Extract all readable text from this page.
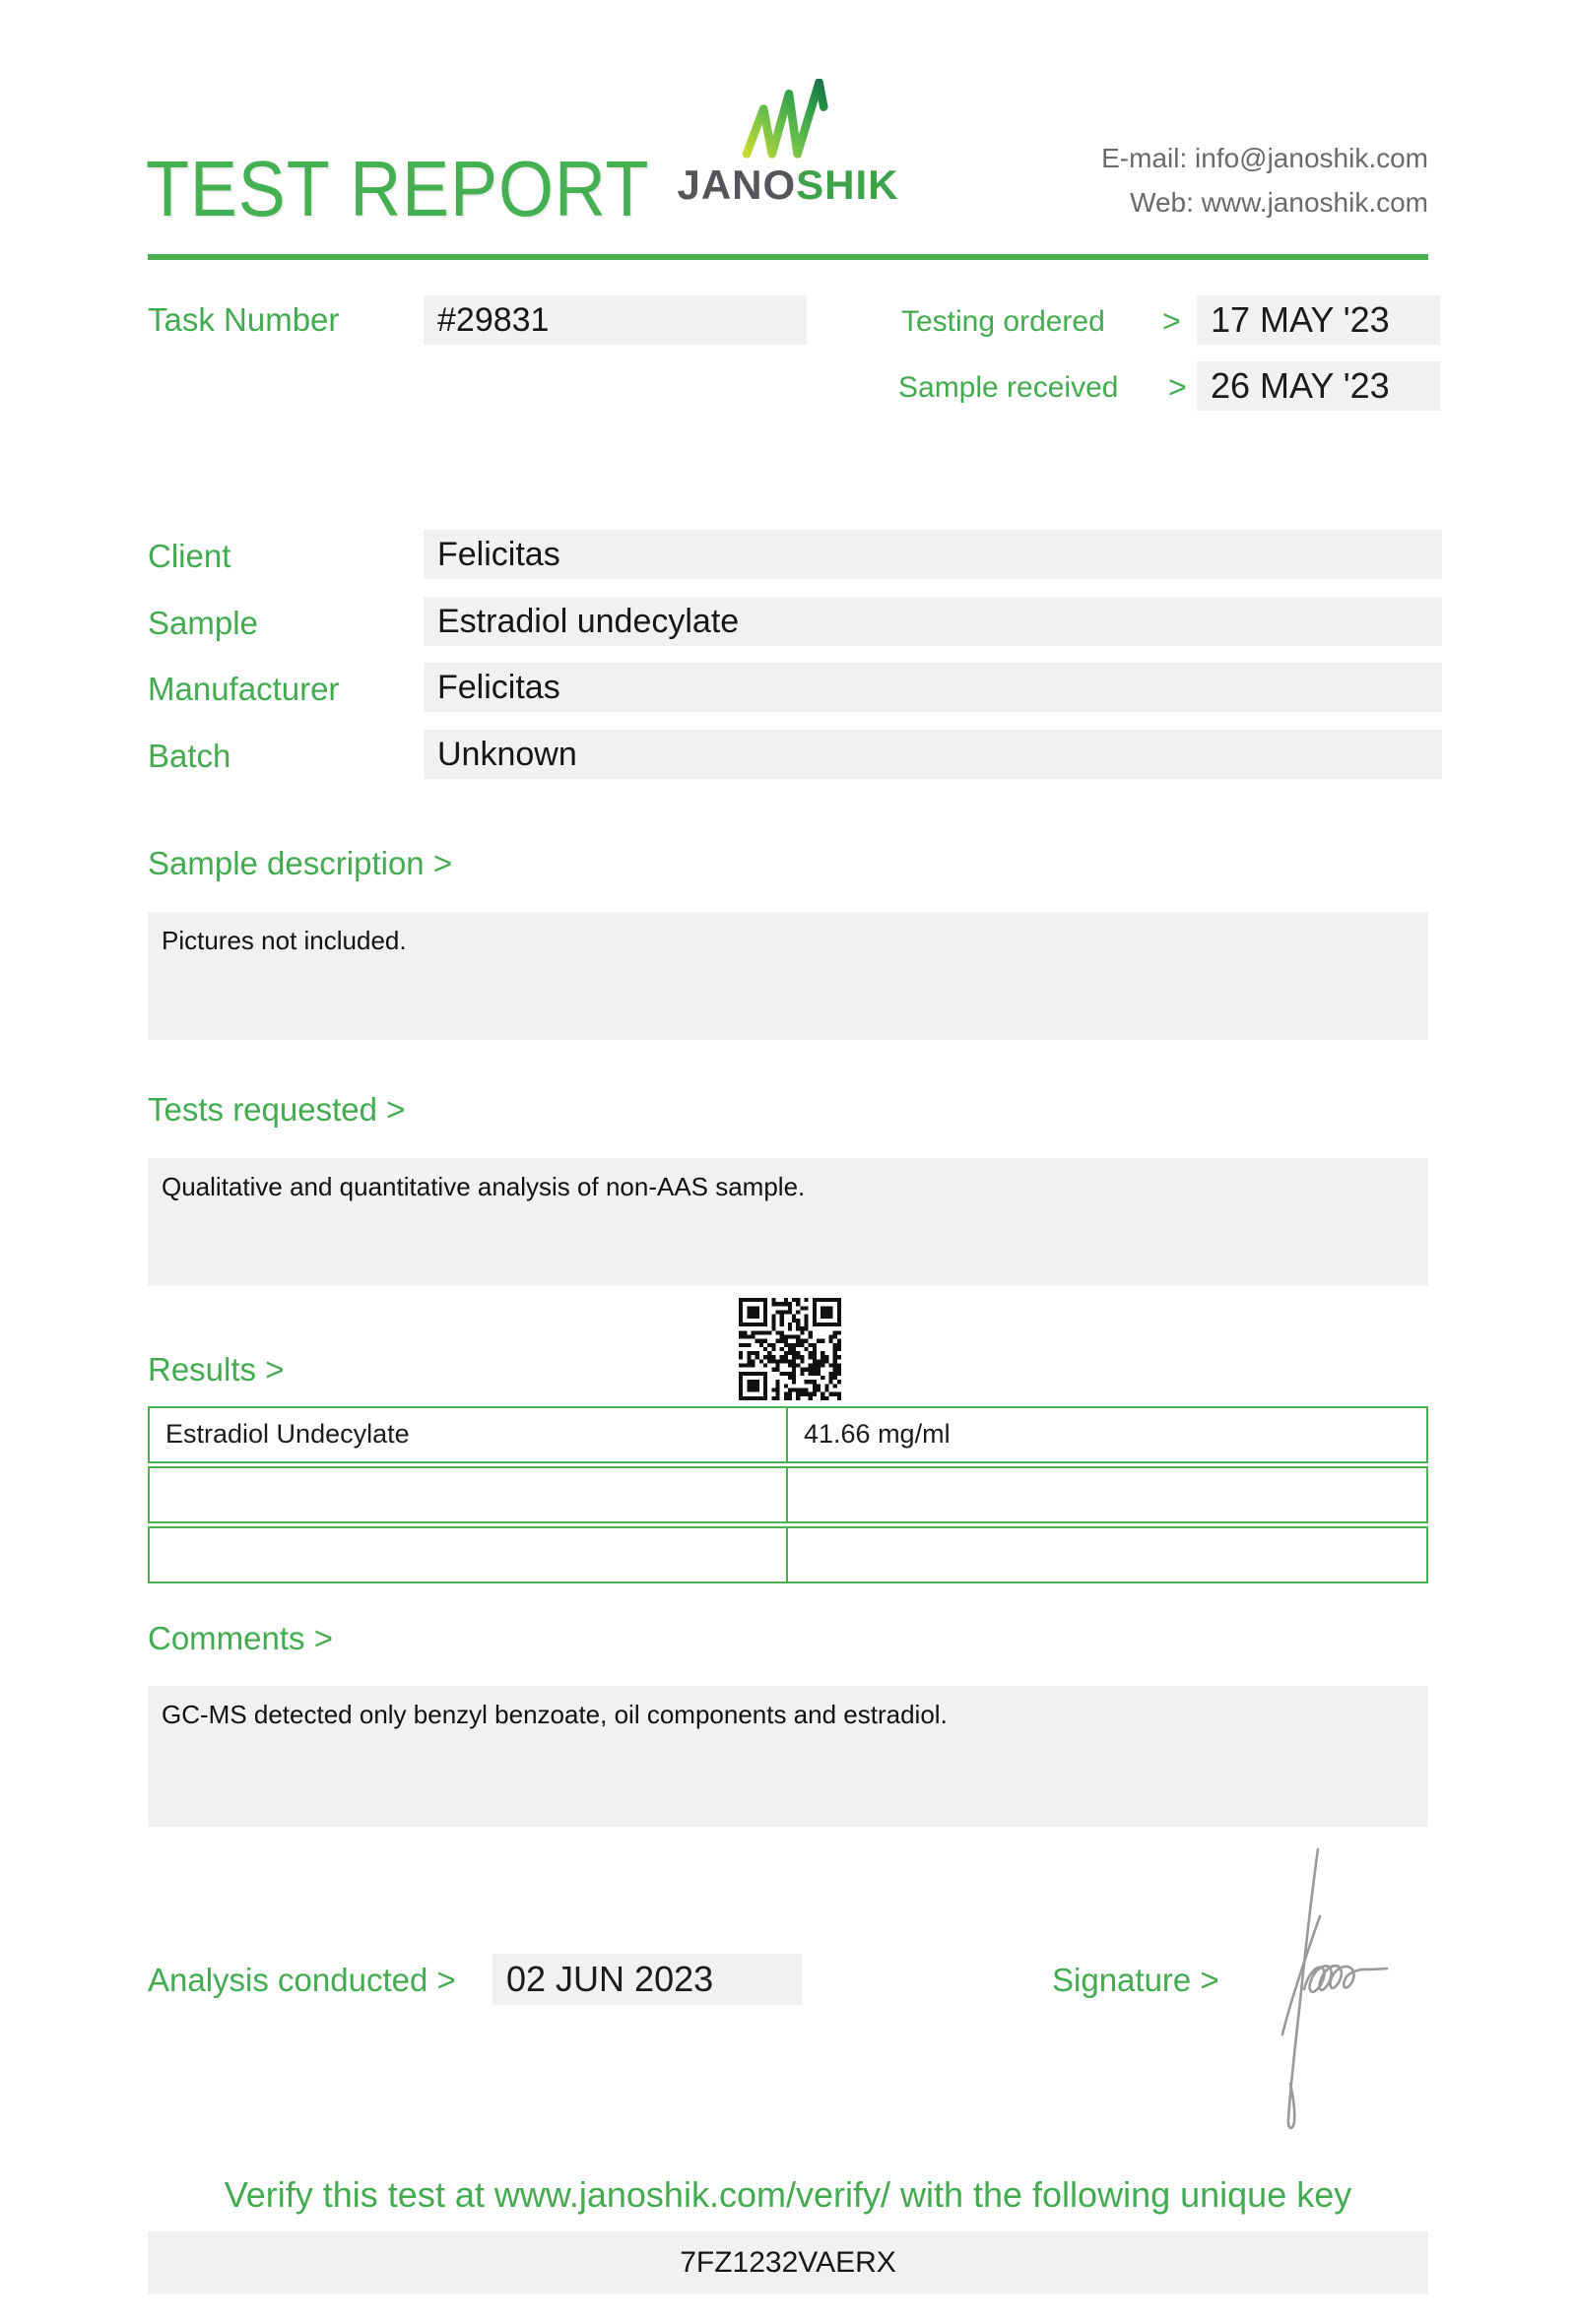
TEST REPORT JANOSHIK
E-mail: info@janoshik.com
Web: www.janoshik.com
Task Number	#29831	Testing ordered > 17 MAY '23
Sample received > 26 MAY '23
Client	Felicitas
Sample	Estradiol undecylate
Manufacturer	Felicitas
Batch	Unknown
Sample description >
Pictures not included.
Tests requested >
Qualitative and quantitative analysis of non-AAS sample.
Results >
Estradiol Undecylate	41.66 mg/ml
Comments >
GC-MS detected only benzyl benzoate, oil components and estradiol.
Analysis conducted >	02 JUN 2023	Signature >
Verify this test at www.janoshik.com/verify/ with the following unique key
7FZ1232VAERX
